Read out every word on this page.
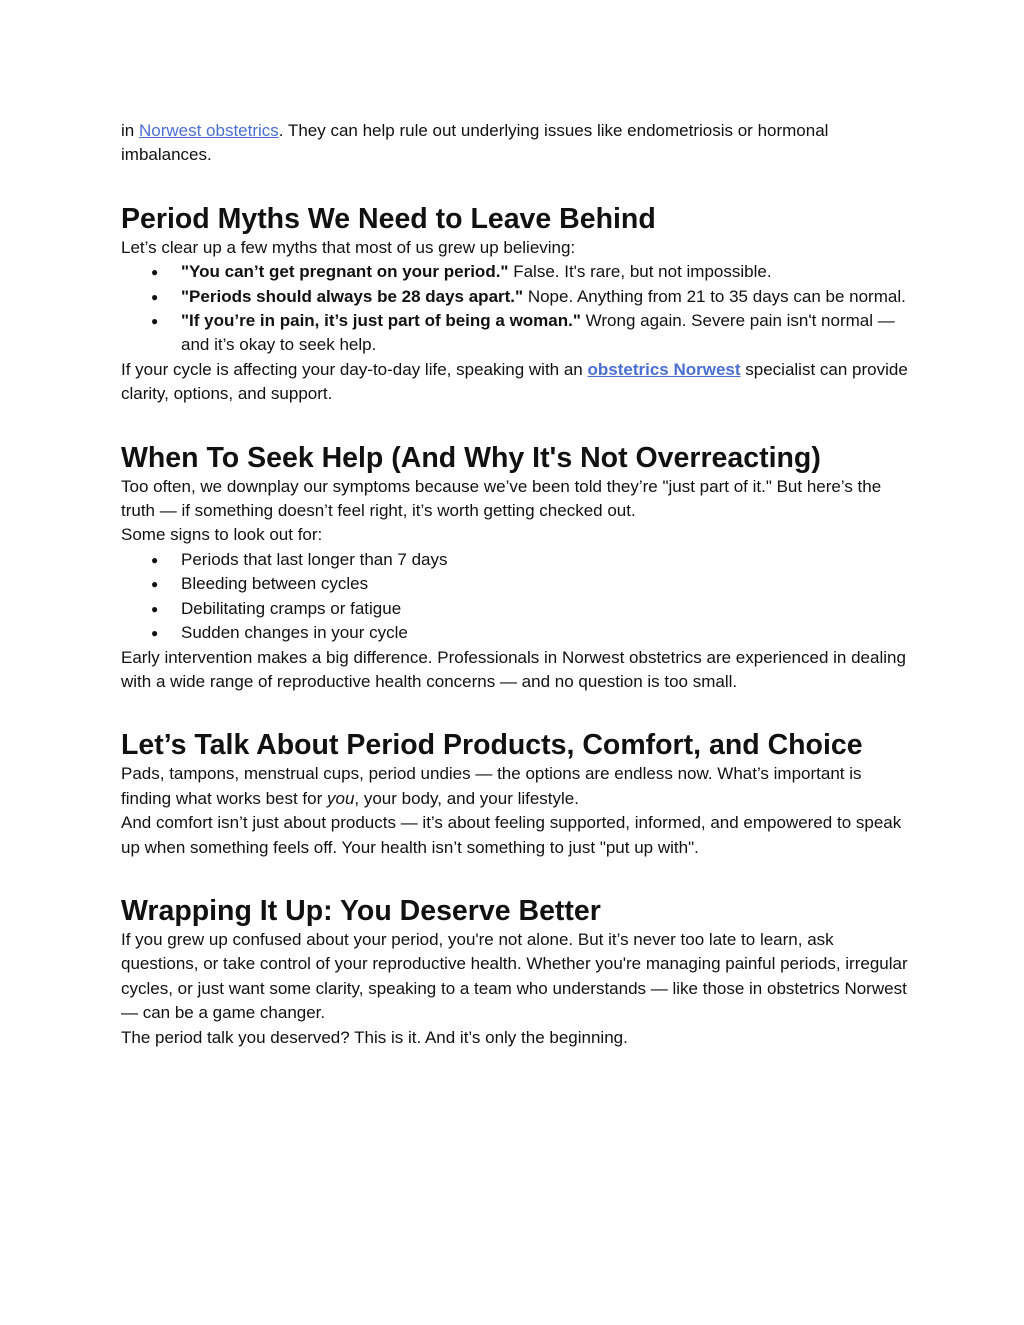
in Norwest obstetrics. They can help rule out underlying issues like endometriosis or hormonal imbalances.

Period Myths We Need to Leave Behind

Let’s clear up a few myths that most of us grew up believing:

● "You can’t get pregnant on your period." False. It's rare, but not impossible.
● "Periods should always be 28 days apart." Nope. Anything from 21 to 35 days can be normal.
● "If you’re in pain, it’s just part of being a woman." Wrong again. Severe pain isn't normal — and it’s okay to seek help.

If your cycle is affecting your day-to-day life, speaking with an obstetrics Norwest specialist can provide clarity, options, and support.

When To Seek Help (And Why It's Not Overreacting)

Too often, we downplay our symptoms because we’ve been told they’re "just part of it." But here’s the truth — if something doesn’t feel right, it’s worth getting checked out.

Some signs to look out for:

● Periods that last longer than 7 days
● Bleeding between cycles
● Debilitating cramps or fatigue
● Sudden changes in your cycle

Early intervention makes a big difference. Professionals in Norwest obstetrics are experienced in dealing with a wide range of reproductive health concerns — and no question is too small.

Let’s Talk About Period Products, Comfort, and Choice

Pads, tampons, menstrual cups, period undies — the options are endless now. What’s important is finding what works best for you, your body, and your lifestyle.

And comfort isn’t just about products — it’s about feeling supported, informed, and empowered to speak up when something feels off. Your health isn’t something to just "put up with".

Wrapping It Up: You Deserve Better

If you grew up confused about your period, you're not alone. But it’s never too late to learn, ask questions, or take control of your reproductive health. Whether you're managing painful periods, irregular cycles, or just want some clarity, speaking to a team who understands — like those in obstetrics Norwest — can be a game changer.

The period talk you deserved? This is it. And it’s only the beginning.
